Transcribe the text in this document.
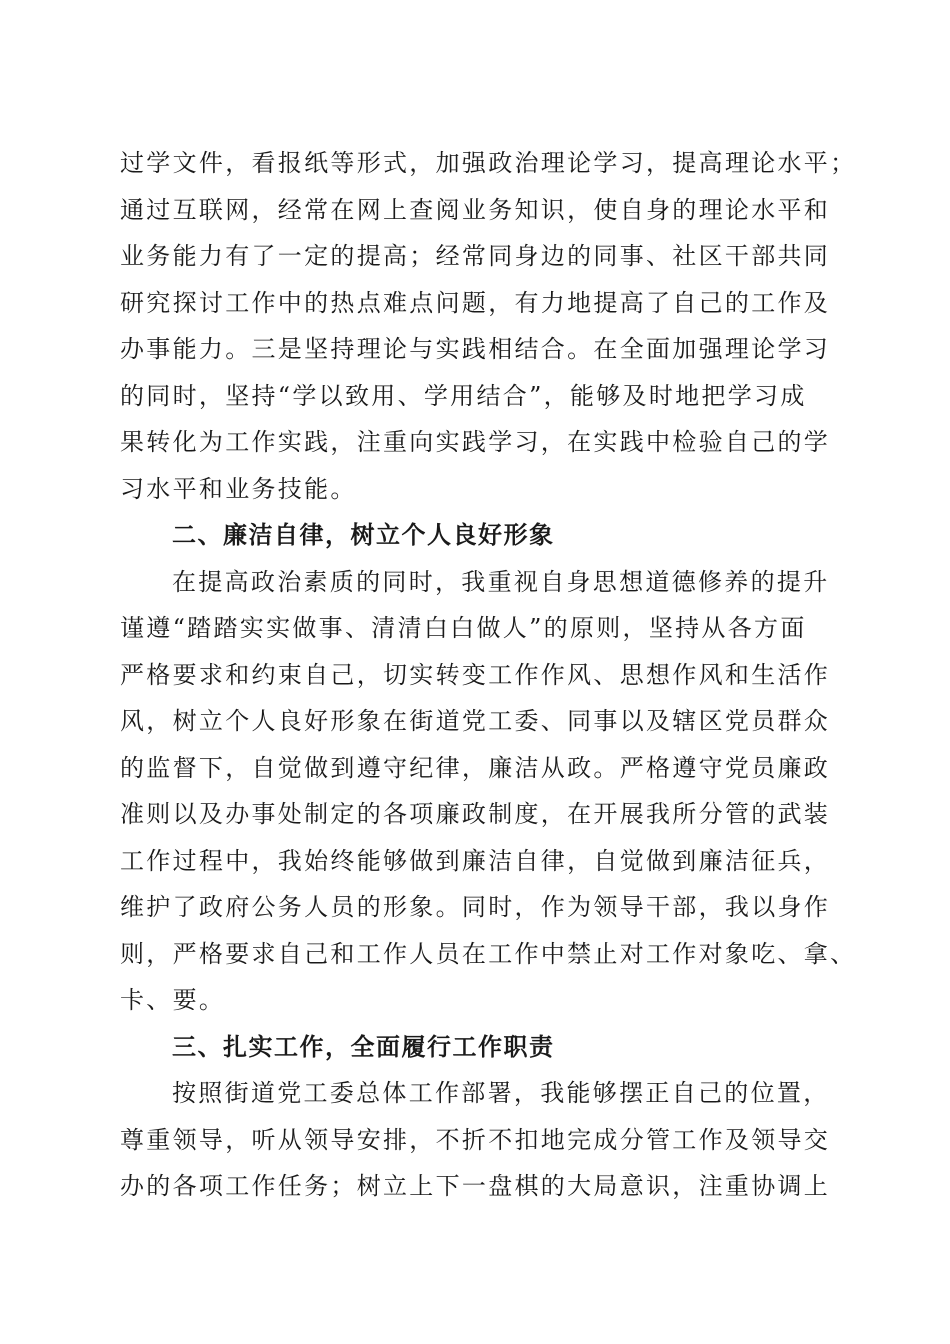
过学文件，看报纸等形式，加强政治理论学习，提高理论水平；
通过互联网，经常在网上查阅业务知识，使自身的理论水平和
业务能力有了一定的提高；经常同身边的同事、社区干部共同
研究探讨工作中的热点难点问题，有力地提高了自己的工作及
办事能力。三是坚持理论与实践相结合。在全面加强理论学习
的同时，坚持“学以致用、学用结合”，能够及时地把学习成
果转化为工作实践，注重向实践学习，在实践中检验自己的学
习水平和业务技能。
二、廉洁自律，树立个人良好形象
在提高政治素质的同时，我重视自身思想道德修养的提升
谨遵“踏踏实实做事、清清白白做人”的原则，坚持从各方面
严格要求和约束自己，切实转变工作作风、思想作风和生活作
风，树立个人良好形象在街道党工委、同事以及辖区党员群众
的监督下，自觉做到遵守纪律，廉洁从政。严格遵守党员廉政
准则以及办事处制定的各项廉政制度，在开展我所分管的武装
工作过程中，我始终能够做到廉洁自律，自觉做到廉洁征兵，
维护了政府公务人员的形象。同时，作为领导干部，我以身作
则，严格要求自己和工作人员在工作中禁止对工作对象吃、拿、
卡、要。
三、扎实工作，全面履行工作职责
按照街道党工委总体工作部署，我能够摆正自己的位置，
尊重领导，听从领导安排，不折不扣地完成分管工作及领导交
办的各项工作任务；树立上下一盘棋的大局意识，注重协调上
